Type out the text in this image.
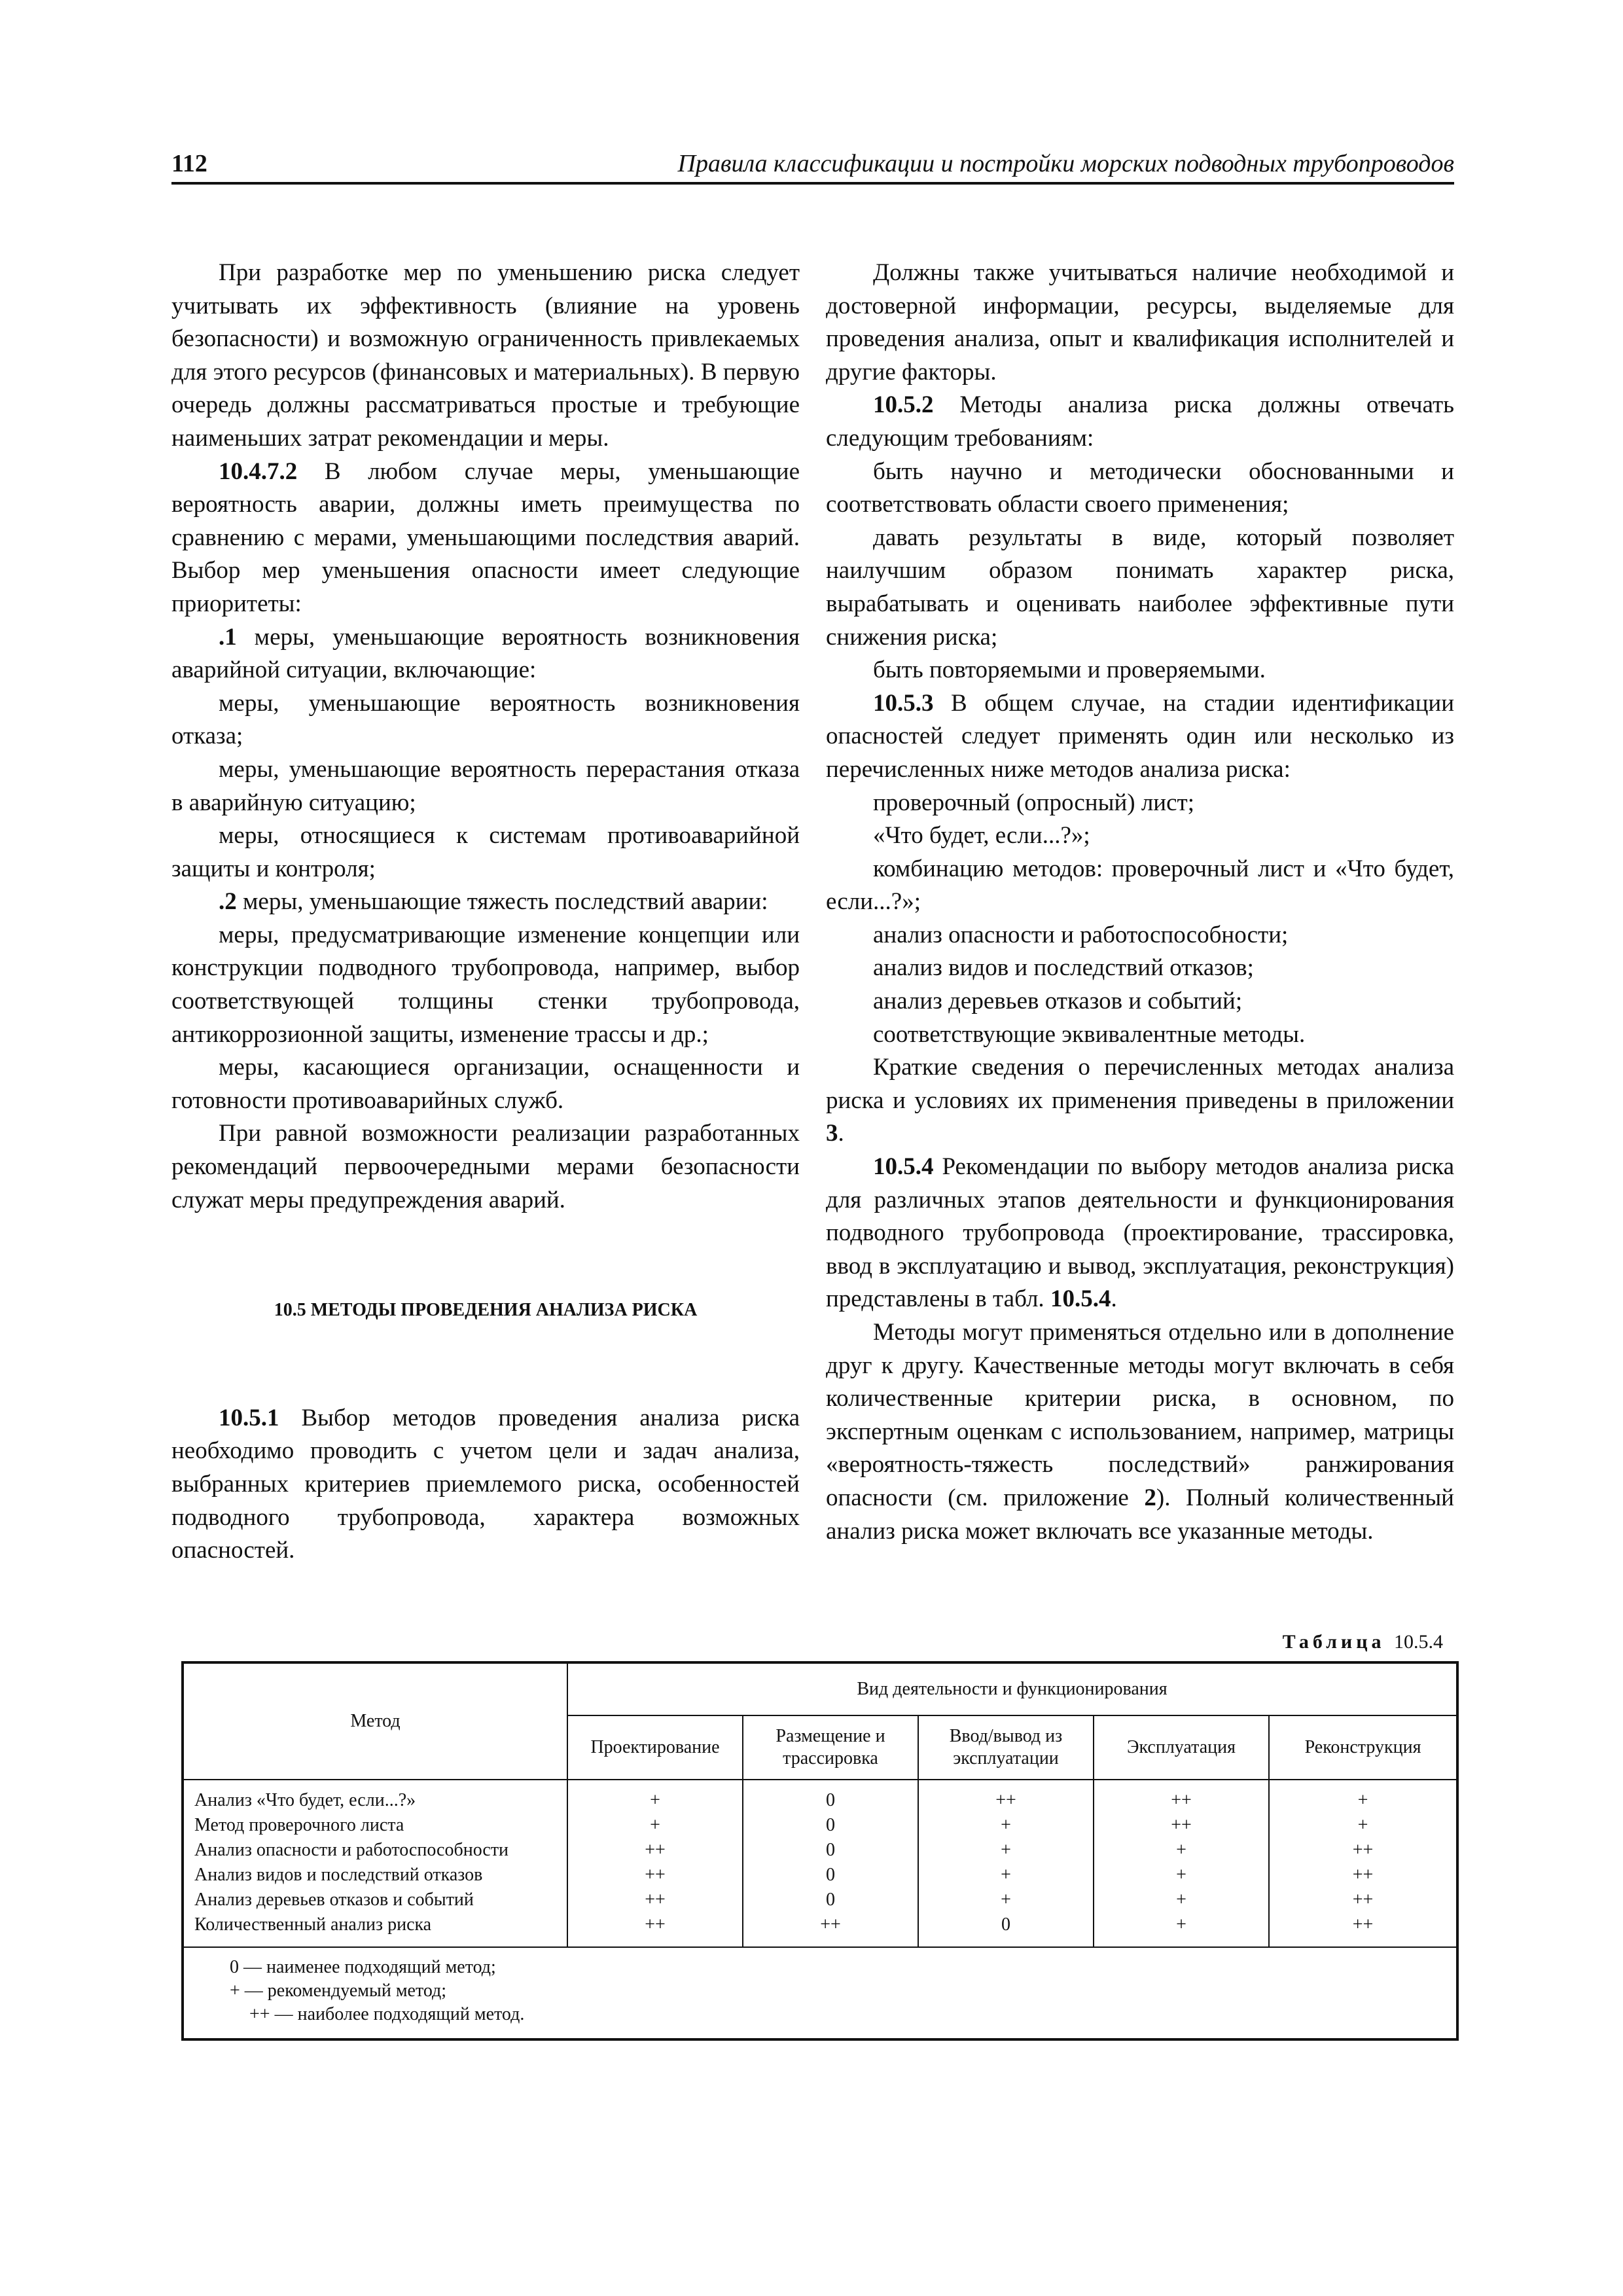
112	Правила классификации и постройки морских подводных трубопроводов

При разработке мер по уменьшению риска следует учитывать их эффективность (влияние на уровень безопасности) и возможную ограниченность привлекаемых для этого ресурсов (финансовых и материальных). В первую очередь должны рассматриваться простые и требующие наименьших затрат рекомендации и меры.

10.4.7.2 В любом случае меры, уменьшающие вероятность аварии, должны иметь преимущества по сравнению с мерами, уменьшающими последствия аварий. Выбор мер уменьшения опасности имеет следующие приоритеты:

.1 меры, уменьшающие вероятность возникновения аварийной ситуации, включающие:

меры, уменьшающие вероятность возникновения отказа;

меры, уменьшающие вероятность перерастания отказа в аварийную ситуацию;

меры, относящиеся к системам противоаварийной защиты и контроля;

.2 меры, уменьшающие тяжесть последствий аварии:

меры, предусматривающие изменение концепции или конструкции подводного трубопровода, например, выбор соответствующей толщины стенки трубопровода, антикоррозионной защиты, изменение трассы и др.;

меры, касающиеся организации, оснащенности и готовности противоаварийных служб.

При равной возможности реализации разработанных рекомендаций первоочередными мерами безопасности служат меры предупреждения аварий.

10.5 МЕТОДЫ ПРОВЕДЕНИЯ АНАЛИЗА РИСКА

10.5.1 Выбор методов проведения анализа риска необходимо проводить с учетом цели и задач анализа, выбранных критериев приемлемого риска, особенностей подводного трубопровода, характера возможных опасностей.

Должны также учитываться наличие необходимой и достоверной информации, ресурсы, выделяемые для проведения анализа, опыт и квалификация исполнителей и другие факторы.

10.5.2 Методы анализа риска должны отвечать следующим требованиям:

быть научно и методически обоснованными и соответствовать области своего применения;

давать результаты в виде, который позволяет наилучшим образом понимать характер риска, вырабатывать и оценивать наиболее эффективные пути снижения риска;

быть повторяемыми и проверяемыми.

10.5.3 В общем случае, на стадии идентификации опасностей следует применять один или несколько из перечисленных ниже методов анализа риска:

проверочный (опросный) лист;

«Что будет, если...?»;

комбинацию методов: проверочный лист и «Что будет, если...?»;

анализ опасности и работоспособности;

анализ видов и последствий отказов;

анализ деревьев отказов и событий;

соответствующие эквивалентные методы.

Краткие сведения о перечисленных методах анализа риска и условиях их применения приведены в приложении 3.

10.5.4 Рекомендации по выбору методов анализа риска для различных этапов деятельности и функционирования подводного трубопровода (проектирование, трассировка, ввод в эксплуатацию и вывод, эксплуатация, реконструкция) представлены в табл. 10.5.4.

Методы могут применяться отдельно или в дополнение друг к другу. Качественные методы могут включать в себя количественные критерии риска, в основном, по экспертным оценкам с использованием, например, матрицы «вероятность-тяжесть последствий» ранжирования опасности (см. приложение 2). Полный количественный анализ риска может включать все указанные методы.

Таблица 10.5.4
Метод	Вид деятельности и функционирования				
	Проектирование	Размещение и трассировка	Ввод/вывод из эксплуатации	Эксплуатация	Реконструкция
Анализ «Что будет, если...?»	+	0	++	++	+
Метод проверочного листа	+	0	+	++	+
Анализ опасности и работоспособности	++	0	+	+	++
Анализ видов и последствий отказов	++	0	+	+	++
Анализ деревьев отказов и событий	++	0	+	+	++
Количественный анализ риска	++	++	0	+	++

0 — наименее подходящий метод;
+ — рекомендуемый метод;
++ — наиболее подходящий метод.					
